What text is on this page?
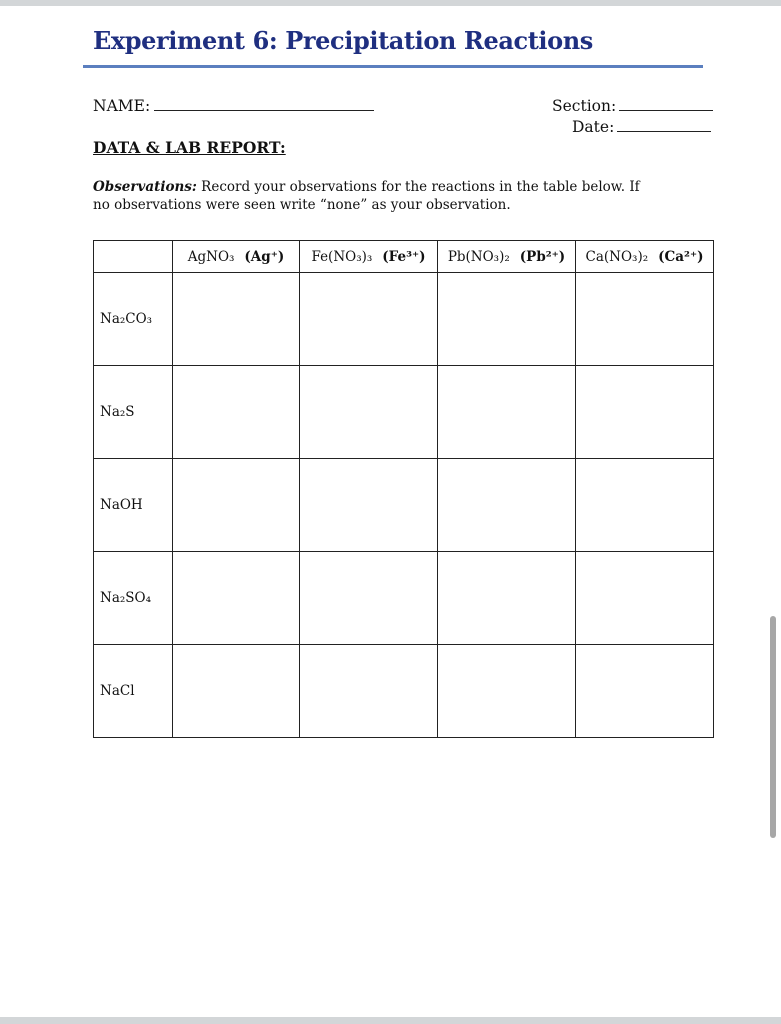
Experiment 6: Precipitation Reactions
NAME:	Section:
Date:
DATA & LAB REPORT:
Observations: Record your observations for the reactions in the table below. If no observations were seen write “none” as your observation.
	AgNO₃ (Ag⁺)	Fe(NO₃)₃ (Fe³⁺)	Pb(NO₃)₂ (Pb²⁺)	Ca(NO₃)₂ (Ca²⁺)
Na₂CO₃				
Na₂S				
NaOH				
Na₂SO₄				
NaCl				
